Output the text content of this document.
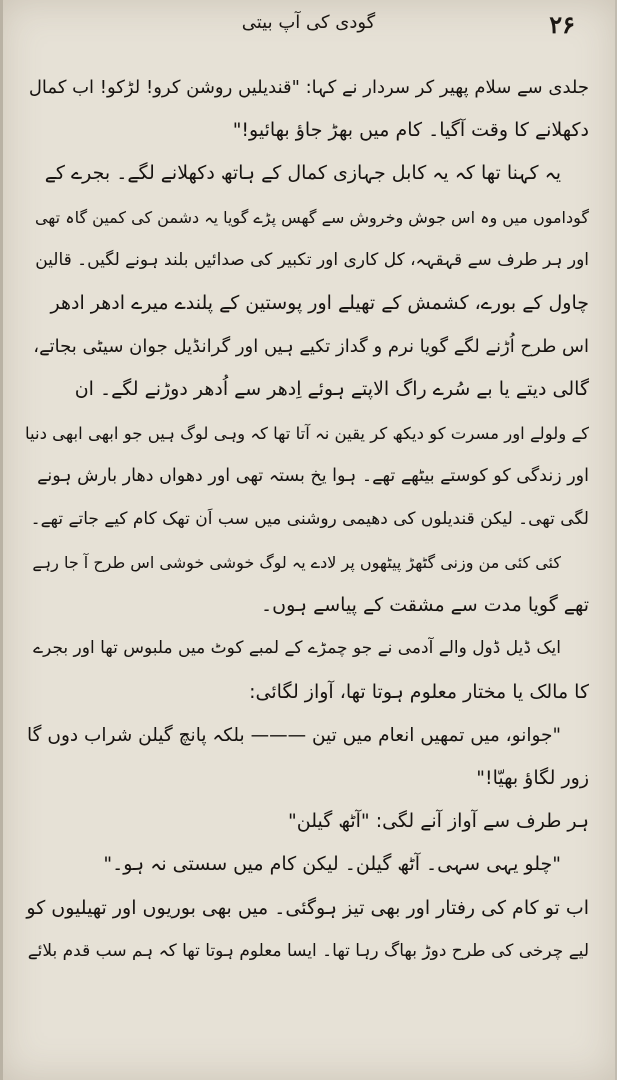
گودی کی آپ بیتی	۲۶
جلدی سے سلام پھیر کر سردار نے کہا: "قندیلیں روشن کرو! لڑکو! اب کمال
دکھلانے کا وقت آگیا۔ کام میں بھڑ جاؤ بھائیو!"
یہ کہنا تھا کہ یہ کابل جہازی کمال کے ہاتھ دکھلانے لگے۔ بجرے کے
گوداموں میں وہ اس جوش وخروش سے گھس پڑے گویا یہ دشمن کی کمین گاہ تھی
اور ہر طرف سے قہقہہ، کل کاری اور تکبیر کی صدائیں بلند ہونے لگیں۔ قالین
چاول کے بورے، کشمش کے تھیلے اور پوستین کے پلندے میرے ادھر ادھر
اس طرح اُڑنے لگے گویا نرم و گداز تکیے ہیں اور گرانڈیل جوان سیٹی بجاتے،
گالی دیتے یا بے سُرے راگ الاپتے ہوئے اِدھر سے اُدھر دوڑنے لگے۔ ان
کے ولولے اور مسرت کو دیکھ کر یقین نہ آتا تھا کہ وہی لوگ ہیں جو ابھی ابھی دنیا
اور زندگی کو کوستے بیٹھے تھے۔ ہوا یخ بستہ تھی اور دھواں دھار بارش ہونے
لگی تھی۔ لیکن قندیلوں کی دھیمی روشنی میں سب اَن تھک کام کیے جاتے تھے۔
کئی کئی من وزنی گٹھڑ پیٹھوں پر لادے یہ لوگ خوشی خوشی اس طرح آ جا رہے
تھے گویا مدت سے مشقت کے پیاسے ہوں۔
ایک ڈیل ڈول والے آدمی نے جو چمڑے کے لمبے کوٹ میں ملبوس تھا اور بجرے
کا مالک یا مختار معلوم ہوتا تھا، آواز لگائی:
"جوانو، میں تمھیں انعام میں تین ——— بلکہ پانچ گیلن شراب دوں گا
زور لگاؤ بھیّا!"
ہر طرف سے آواز آنے لگی: "آٹھ گیلن"
"چلو یہی سہی۔ آٹھ گیلن۔ لیکن کام میں سستی نہ ہو۔"
اب تو کام کی رفتار اور بھی تیز ہوگئی۔ میں بھی بوریوں اور تھیلیوں کو
لیے چرخی کی طرح دوڑ بھاگ رہا تھا۔ ایسا معلوم ہوتا تھا کہ ہم سب قدم بلائے
